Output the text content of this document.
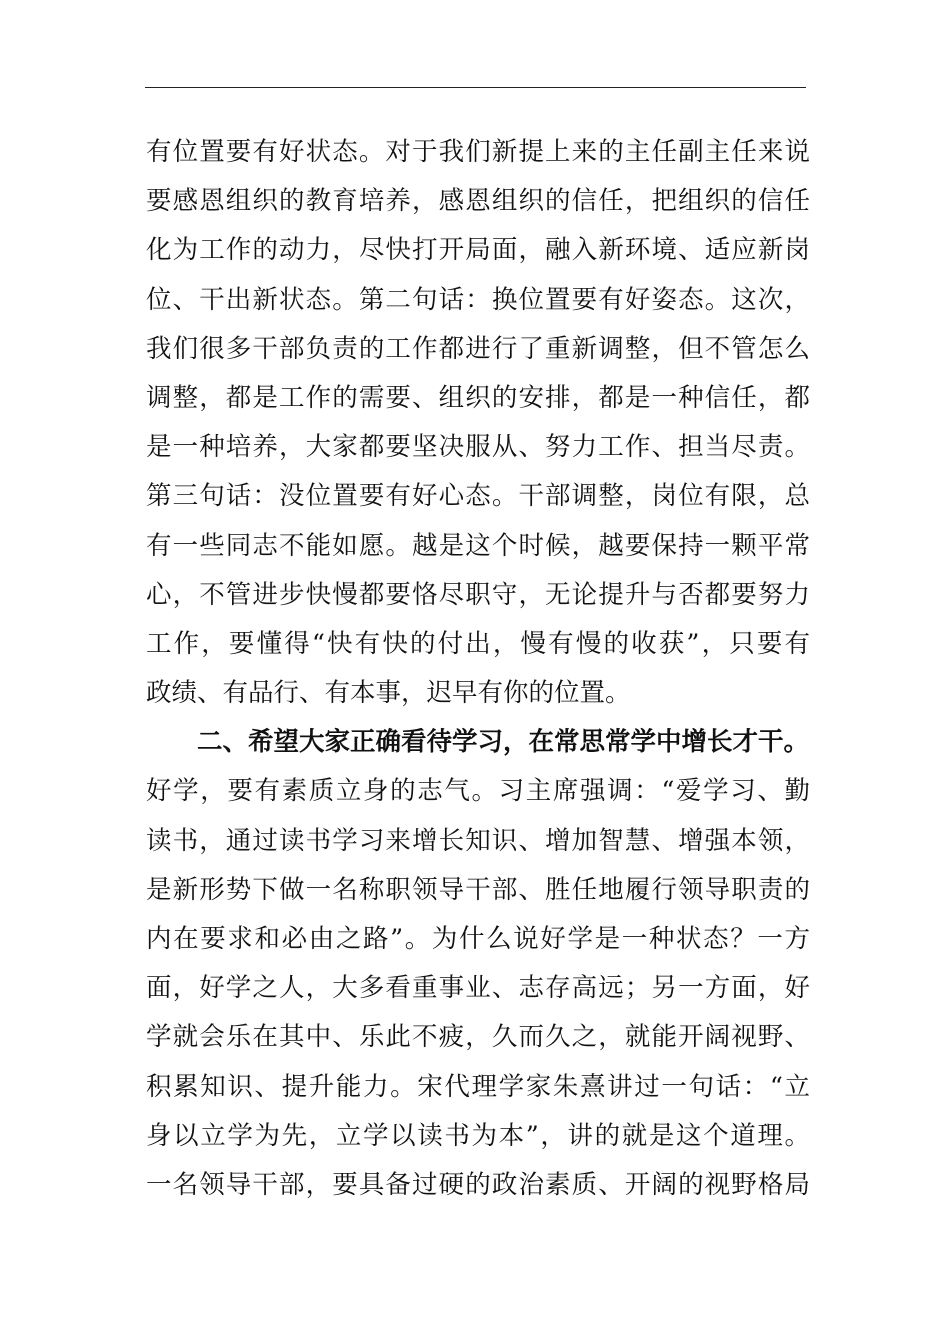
有位置要有好状态。对于我们新提上来的主任副主任来说
要感恩组织的教育培养，感恩组织的信任，把组织的信任
化为工作的动力，尽快打开局面，融入新环境、适应新岗
位、干出新状态。第二句话：换位置要有好姿态。这次，
我们很多干部负责的工作都进行了重新调整，但不管怎么
调整，都是工作的需要、组织的安排，都是一种信任，都
是一种培养，大家都要坚决服从、努力工作、担当尽责。
第三句话：没位置要有好心态。干部调整，岗位有限，总
有一些同志不能如愿。越是这个时候，越要保持一颗平常
心，不管进步快慢都要恪尽职守，无论提升与否都要努力
工作，要懂得“快有快的付出，慢有慢的收获”，只要有
政绩、有品行、有本事，迟早有你的位置。
二、希望大家正确看待学习，在常思常学中增长才干。
好学，要有素质立身的志气。习主席强调：“爱学习、勤
读书，通过读书学习来增长知识、增加智慧、增强本领，
是新形势下做一名称职领导干部、胜任地履行领导职责的
内在要求和必由之路”。为什么说好学是一种状态？一方
面，好学之人，大多看重事业、志存高远；另一方面，好
学就会乐在其中、乐此不疲，久而久之，就能开阔视野、
积累知识、提升能力。宋代理学家朱熹讲过一句话：“立
身以立学为先，立学以读书为本”，讲的就是这个道理。
一名领导干部，要具备过硬的政治素质、开阔的视野格局
